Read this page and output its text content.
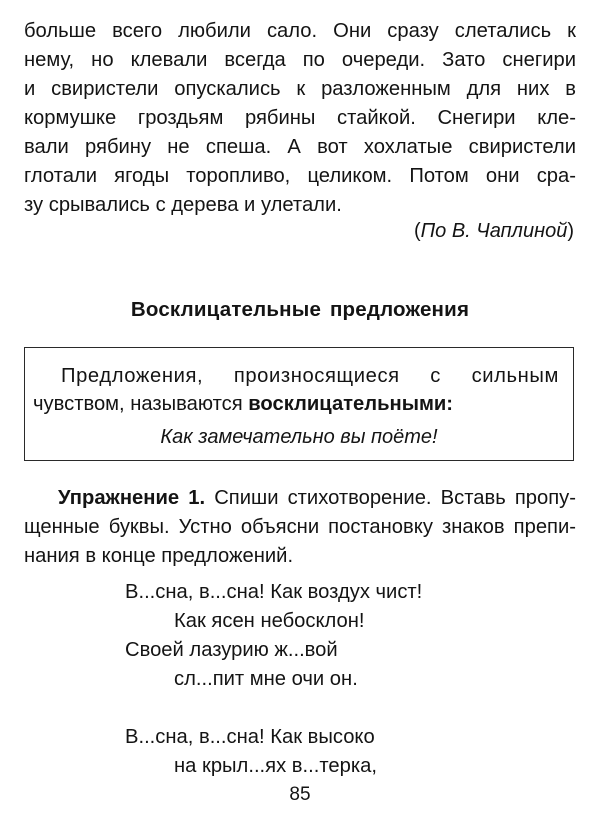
больше всего любили сало. Они сразу слетались к
нему, но клевали всегда по очереди. Зато снегири
и свиристели опускались к разложенным для них в
кормушке гроздьям рябины стайкой. Снегири кле-
вали рябину не спеша. А вот хохлатые свиристели
глотали ягоды торопливо, целиком. Потом они сра-
зу срывались с дерева и улетали.
(По В. Чаплиной)
Восклицательные предложения
Предложения, произносящиеся с сильным
чувством, называются восклицательными:
Как замечательно вы поёте!
Упражнение 1. Спиши стихотворение. Вставь пропу-
щенные буквы. Устно объясни постановку знаков препи-
нания в конце предложений.
В...сна, в...сна! Как воздух чист!
Как ясен небосклон!
Своей лазурию ж...вой
сл...пит мне очи он.
В...сна, в...сна! Как высоко
на крыл...ях в...терка,
85
